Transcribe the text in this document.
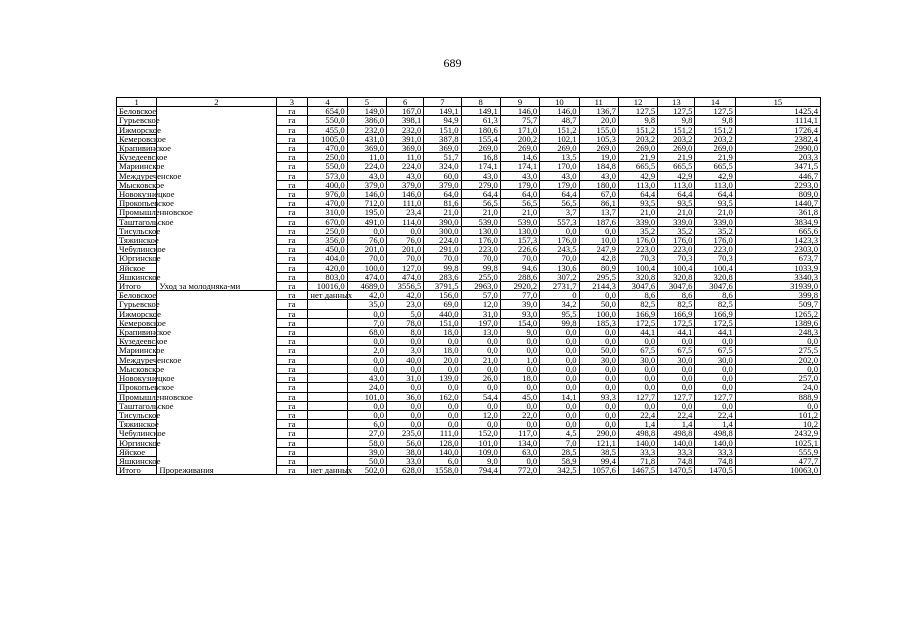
689
1	2	3	4	5	6	7	8	9	10	11	12	13	14	15
Беловское	Уход за молодняка-ми	га	654,0	149,0	167,0	149,1	149,1	146,0	146,0	136,7	127,5	127,5	127,5	1425,4
Гурьевское		га	550,0	386,0	398,1	94,9	61,3	75,7	48,7	20,0	9,8	9,8	9,8	1114,1
Ижморское		га	455,0	232,0	232,0	151,0	180,6	171,0	151,2	155,0	151,2	151,2	151,2	1726,4
Кемеровское		га	1005,0	431,0	391,0	387,8	155,4	200,2	102,1	105,3	203,2	203,2	203,2	2382,4
Крапивинское		га	470,0	369,0	369,0	369,0	269,0	269,0	269,0	269,0	269,0	269,0	269,0	2990,0
Кузедеевское		га	250,0	11,0	11,0	51,7	16,8	14,6	13,5	19,0	21,9	21,9	21,9	203,3
Мариинское		га	550,0	224,0	224,0	324,0	174,1	174,1	170,0	184,8	665,5	665,5	665,5	3471,5
Междуреченское		га	573,0	43,0	43,0	60,0	43,0	43,0	43,0	43,0	42,9	42,9	42,9	446,7
Мысковское		га	400,0	379,0	379,0	379,0	279,0	179,0	179,0	180,0	113,0	113,0	113,0	2293,0
Новокузнецкое		га	976,0	146,0	146,0	64,0	64,4	64,0	64,4	67,0	64,4	64,4	64,4	809,0
Прокопьевское		га	470,0	712,0	111,0	81,6	56,5	56,5	56,5	86,1	93,5	93,5	93,5	1440,7
Промышленновское		га	310,0	195,0	23,4	21,0	21,0	21,0	3,7	13,7	21,0	21,0	21,0	361,8
Таштагольское		га	670,0	491,0	114,0	390,0	539,0	539,0	557,3	187,6	339,0	339,0	339,0	3834,9
Тисульское		га	250,0	0,0	0,0	300,0	130,0	130,0	0,0	0,0	35,2	35,2	35,2	665,6
Тяжинское		га	356,0	76,0	76,0	224,0	176,0	157,3	176,0	10,0	176,0	176,0	176,0	1423,3
Чебулинское		га	450,0	201,0	201,0	291,0	223,0	226,6	243,5	247,9	223,0	223,0	223,0	2303,0
Юргинское		га	404,0	70,0	70,0	70,0	70,0	70,0	70,0	42,8	70,3	70,3	70,3	673,7
Яйское		га	420,0	100,0	127,0	99,8	99,8	94,6	130,6	80,9	100,4	100,4	100,4	1033,9
Яшкинское		га	803,0	474,0	474,0	283,6	255,0	288,6	307,2	295,5	320,8	320,8	320,8	3340,3
Итого		га	10016,0	4689,0	3556,5	3791,5	2963,0	2920,2	2731,7	2144,3	3047,6	3047,6	3047,6	31939,0
Беловское	Прореживания	га	нет данных	42,0	42,0	156,0	57,0	77,0	0	0,0	8,6	8,6	8,6	399,8
Гурьевское		га		35,0	23,0	69,0	12,0	39,0	34,2	50,0	82,5	82,5	82,5	509,7
Ижморское		га		0,0	5,0	440,0	31,0	93,0	95,5	100,0	166,9	166,9	166,9	1265,2
Кемеровское		га		7,0	78,0	151,0	197,0	154,0	99,8	185,3	172,5	172,5	172,5	1389,6
Крапивинское		га		68,0	8,0	18,0	13,0	9,0	0,0	0,0	44,1	44,1	44,1	248,3
Кузедеевское		га		0,0	0,0	0,0	0,0	0,0	0,0	0,0	0,0	0,0	0,0	0,0
Мариинское		га		2,0	3,0	18,0	0,0	0,0	0,0	50,0	67,5	67,5	67,5	275,5
Междуреченское		га		0,0	40,0	20,0	21,0	1,0	0,0	30,0	30,0	30,0	30,0	202,0
Мысковское		га		0,0	0,0	0,0	0,0	0,0	0,0	0,0	0,0	0,0	0,0	0,0
Новокузнецкое		га		43,0	31,0	139,0	26,0	18,0	0,0	0,0	0,0	0,0	0,0	257,0
Прокопьевское		га		24,0	0,0	0,0	0,0	0,0	0,0	0,0	0,0	0,0	0,0	24,0
Промышленновское		га		101,0	36,0	162,0	54,4	45,0	14,1	93,3	127,7	127,7	127,7	888,9
Таштагольское		га		0,0	0,0	0,0	0,0	0,0	0,0	0,0	0,0	0,0	0,0	0,0
Тисульское		га		0,0	0,0	0,0	12,0	22,0	0,0	0,0	22,4	22,4	22,4	101,2
Тяжинское		га		6,0	0,0	0,0	0,0	0,0	0,0	0,0	1,4	1,4	1,4	10,2
Чебулинское		га		27,0	235,0	111,0	152,0	117,0	4,5	290,0	498,8	498,8	498,8	2432,9
Юргинское		га		58,0	56,0	128,0	101,0	134,0	7,0	121,1	140,0	140,0	140,0	1025,1
Яйское		га		39,0	38,0	140,0	109,0	63,0	28,5	38,5	33,3	33,3	33,3	555,9
Яшкинское		га		50,0	33,0	6,0	9,0	0,0	58,9	99,4	71,8	74,8	74,8	477,7
Итого		га	нет данных	502,0	628,0	1558,0	794,4	772,0	342,5	1057,6	1467,5	1470,5	1470,5	10063,0
